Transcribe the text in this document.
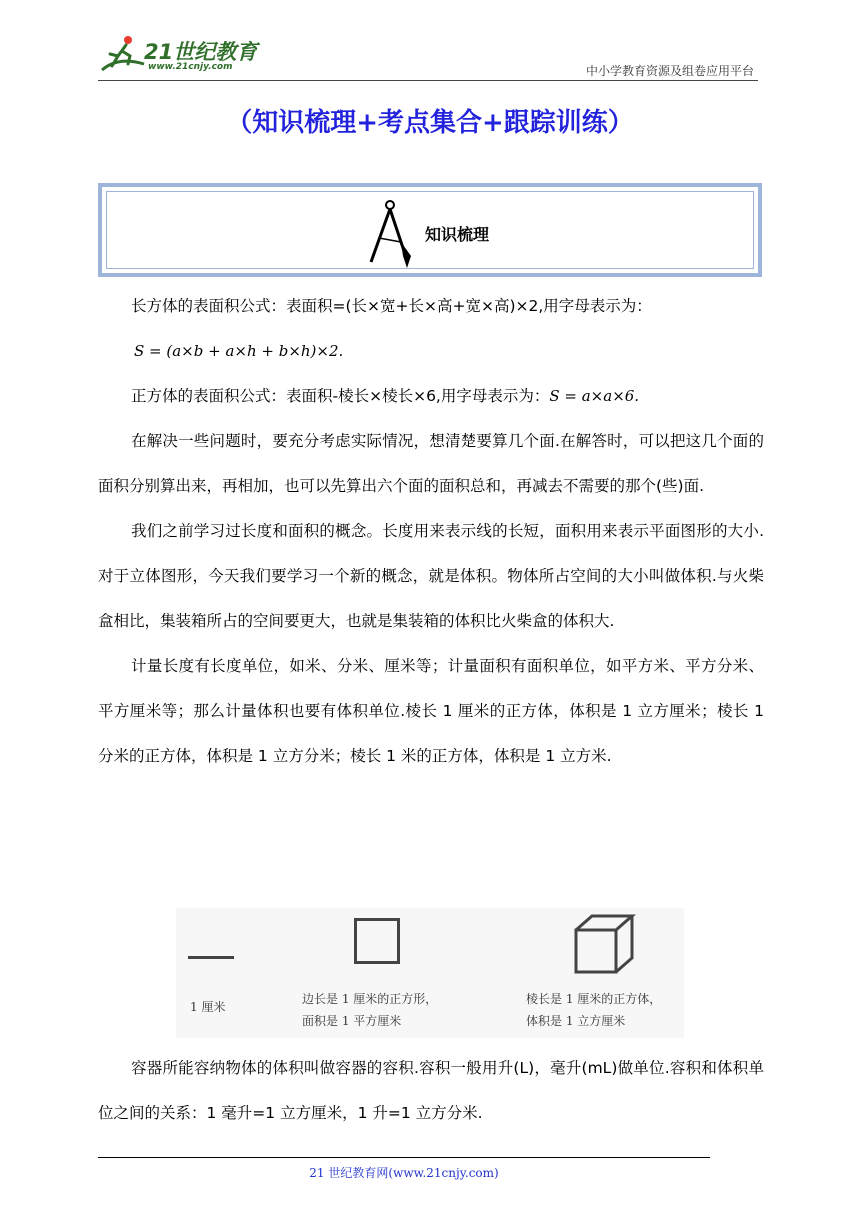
21世纪教育
www.21cnjy.com	中小学教育资源及组卷应用平台
（知识梳理+考点集合+跟踪训练）
知识梳理

长方体的表面积公式：表面积=(长×宽+长×高+宽×高)×2,用字母表示为：

S = (a×b + a×h + b×h)×2.

正方体的表面积公式：表面积-棱长×棱长×6,用字母表示为：S = a×a×6.

在解决一些问题时，要充分考虑实际情况，想清楚要算几个面.在解答时，可以把这几个面的面积分别算出来，再相加，也可以先算出六个面的面积总和，再减去不需要的那个(些)面.

我们之前学习过长度和面积的概念。长度用来表示线的长短，面积用来表示平面图形的大小.对于立体图形，今天我们要学习一个新的概念，就是体积。物体所占空间的大小叫做体积.与火柴盒相比，集装箱所占的空间要更大，也就是集装箱的体积比火柴盒的体积大.

计量长度有长度单位，如米、分米、厘米等；计量面积有面积单位，如平方米、平方分米、平方厘米等；那么计量体积也要有体积单位.棱长 1 厘米的正方体，体积是 1 立方厘米；棱长 1 分米的正方体，体积是 1 立方分米；棱长 1 米的正方体，体积是 1 立方米.

1 厘米
边长是 1 厘米的正方形，
面积是 1 平方厘米
棱长是 1 厘米的正方体，
体积是 1 立方厘米

容器所能容纳物体的体积叫做容器的容积.容积一般用升(L)，毫升(mL)做单位.容积和体积单位之间的关系：1 毫升=1 立方厘米，1 升=1 立方分米.

21 世纪教育网(www.21cnjy.com)
